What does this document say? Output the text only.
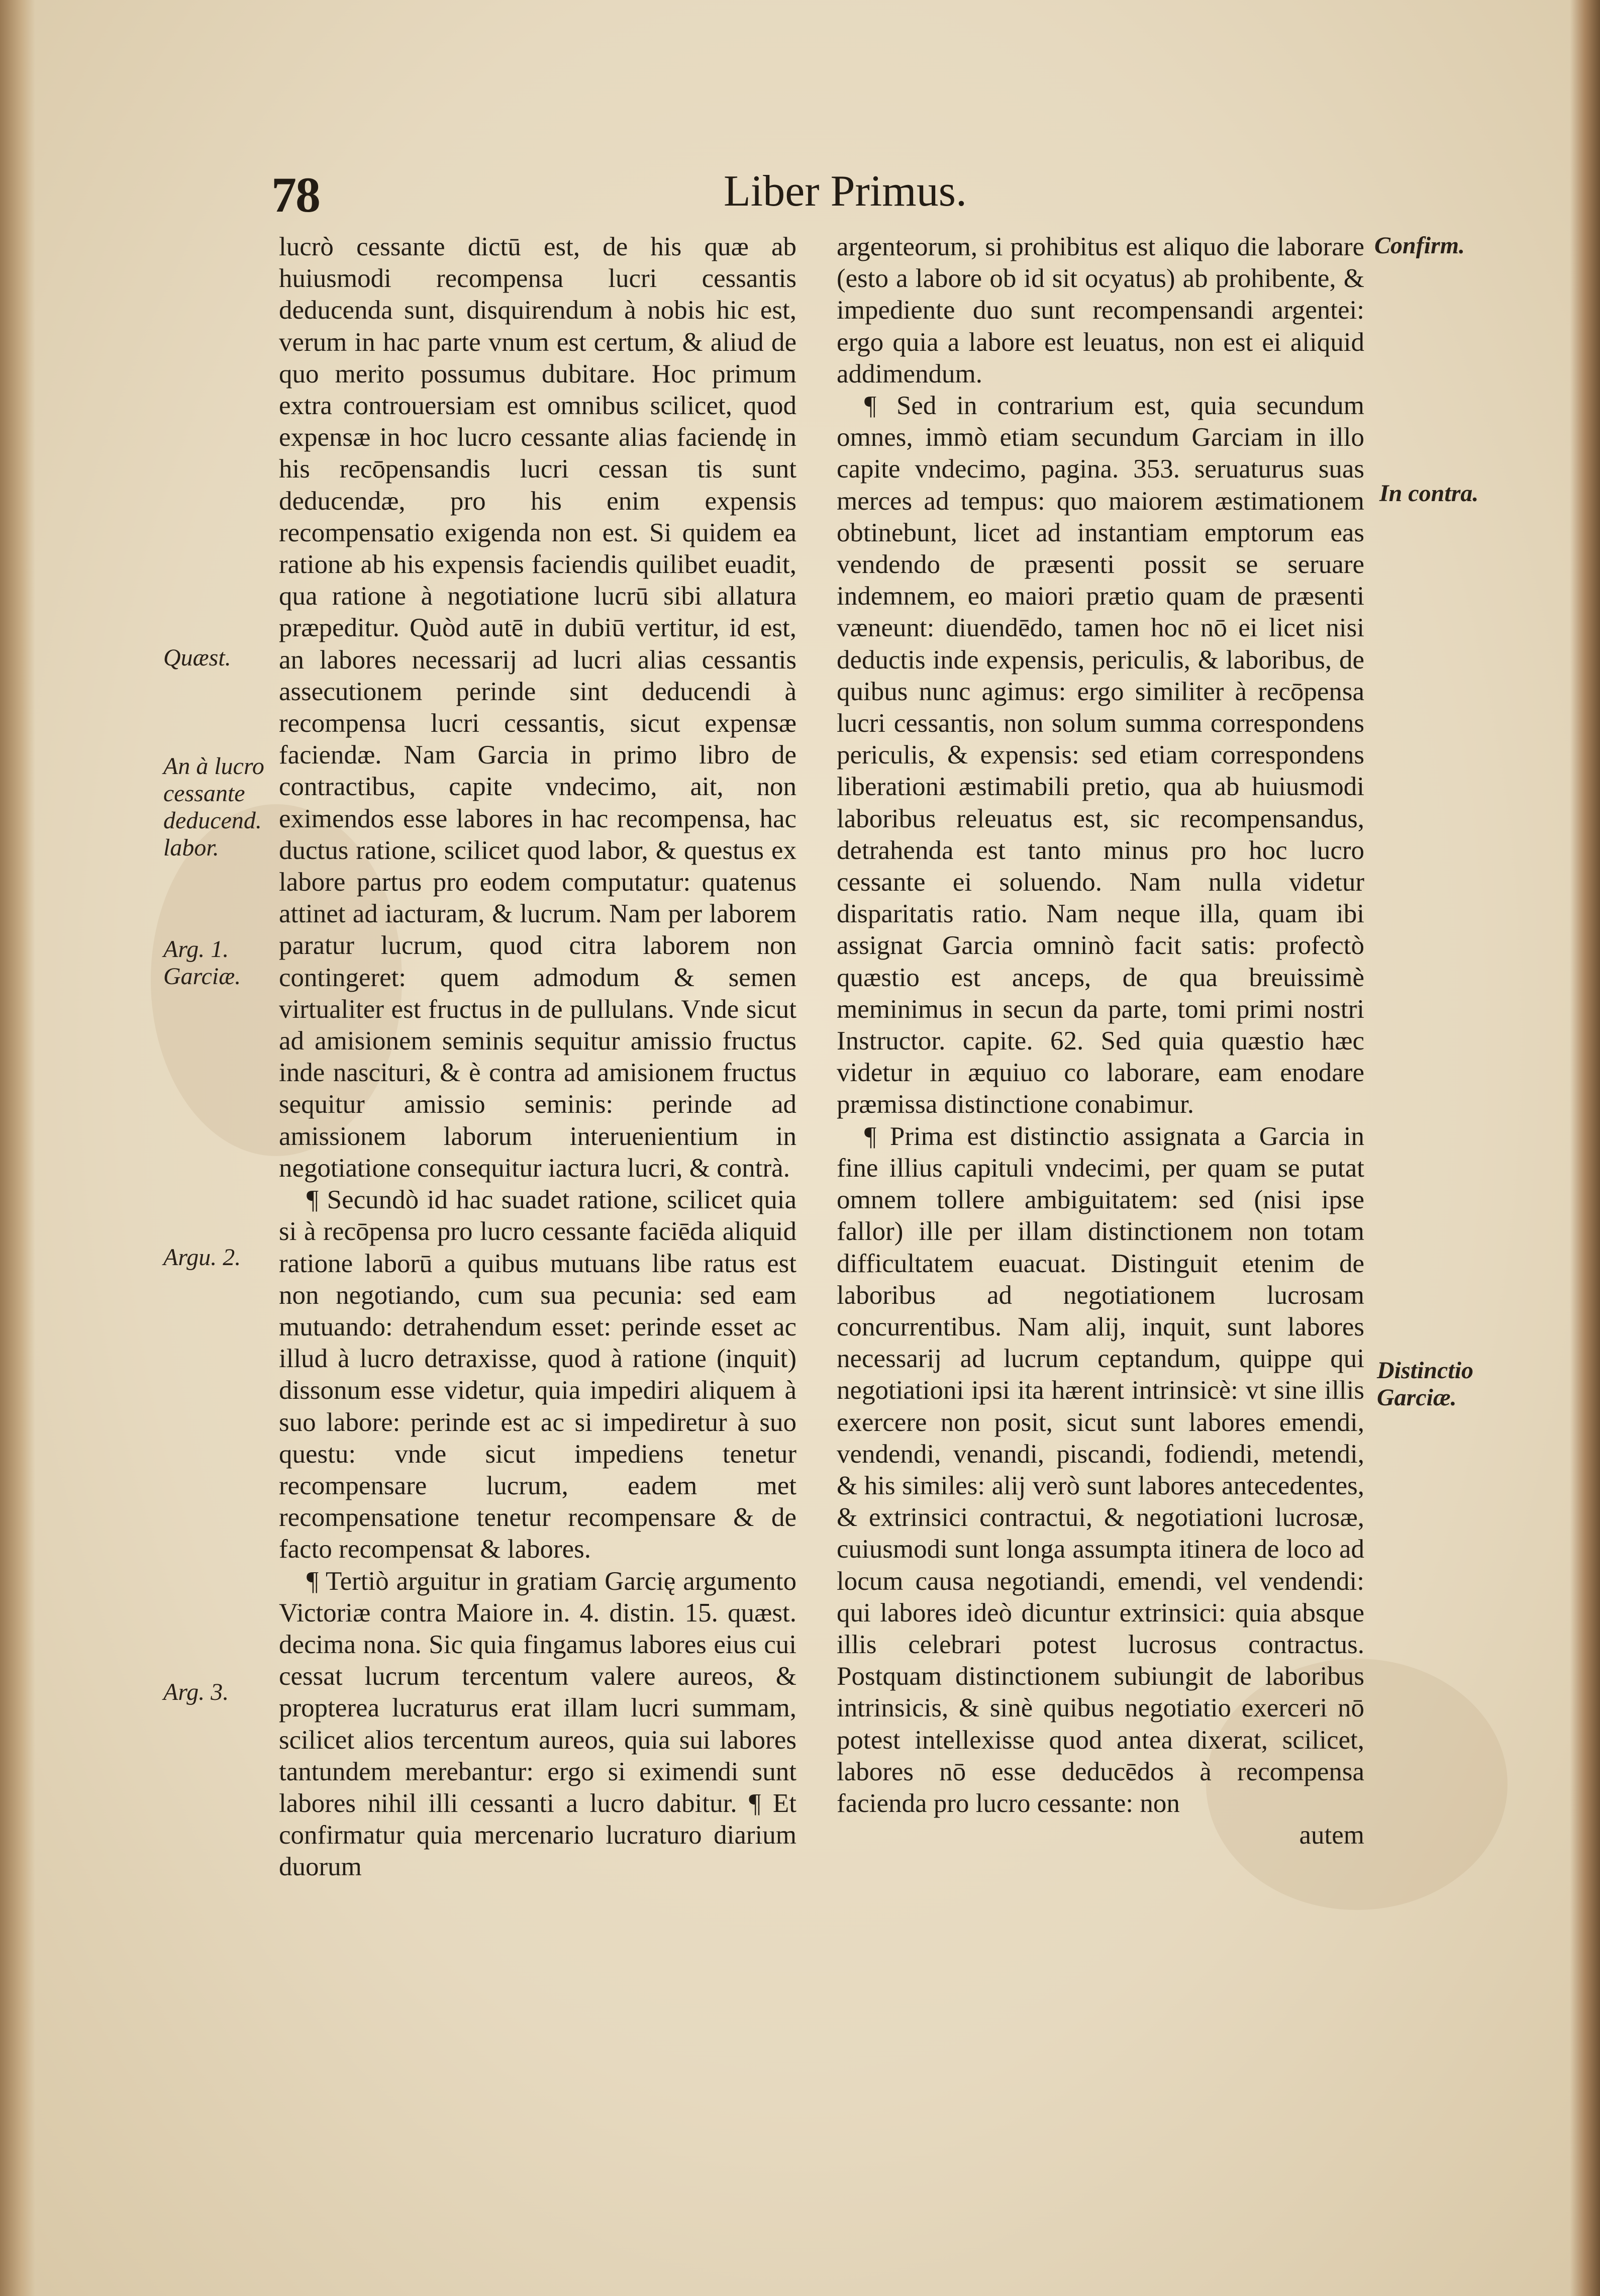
78	Liber Primus.
Quæst.
An à lucro cessante deducend. labor.
Arg. 1. Garciæ.
Argu. 2.
Arg. 3.
Confirm.
In contra.
Distinctio Garciæ.

lucrò cessante dictū est, de his quæ ab huiusmodi recompensa lucri cessantis deducenda sunt, disquirendum à nobis hic est, verum in hac parte vnum est certum, & aliud de quo merito possumus dubitare. Hoc primum extra controuersiam est omnibus scilicet, quod expensæ in hoc lucro cessante alias faciendę in his recōpensandis lucri cessan tis sunt deducendæ, pro his enim expensis recompensatio exigenda non est. Si quidem ea ratione ab his expensis faciendis quilibet euadit, qua ratione à negotiatione lucrū sibi allatura præpeditur. Quòd autē in dubiū vertitur, id est, an labores necessarij ad lucri alias cessantis assecutionem perinde sint deducendi à recompensa lucri cessantis, sicut expensæ faciendæ. Nam Garcia in primo libro de contractibus, capite vndecimo, ait, non eximendos esse labores in hac recompensa, hac ductus ratione, scilicet quod labor, & questus ex labore partus pro eodem computatur: quatenus attinet ad iacturam, & lucrum. Nam per laborem paratur lucrum, quod citra laborem non contingeret: quem admodum & semen virtualiter est fructus in de pullulans. Vnde sicut ad amisionem seminis sequitur amissio fructus inde nascituri, & è contra ad amisionem fructus sequitur amissio seminis: perinde ad amissionem laborum interuenientium in negotiatione consequitur iactura lucri, & contrà.

¶ Secundò id hac suadet ratione, scilicet quia si à recōpensa pro lucro cessante faciēda aliquid ratione laborū a quibus mutuans libe ratus est non negotiando, cum sua pecunia: sed eam mutuando: detrahendum esset: perinde esset ac illud à lucro detraxisse, quod à ratione (inquit) dissonum esse videtur, quia impediri aliquem à suo labore: perinde est ac si impediretur à suo questu: vnde sicut impediens tenetur recompensare lucrum, eadem met recompensatione tenetur recompensare & de facto recompensat & labores.

¶ Tertiò arguitur in gratiam Garcię argumento Victoriæ contra Maiore in. 4. distin. 15. quæst. decima nona. Sic quia fingamus labores eius cui cessat lucrum tercentum valere aureos, & propterea lucraturus erat illam lucri summam, scilicet alios tercentum aureos, quia sui labores tantundem merebantur: ergo si eximendi sunt labores nihil illi cessanti a lucro dabitur. ¶ Et confirmatur quia mercenario lucraturo diarium duorum

argenteorum, si prohibitus est aliquo die laborare (esto a labore ob id sit ocyatus) ab prohibente, & impediente duo sunt recompensandi argentei: ergo quia a labore est leuatus, non est ei aliquid addimendum.

¶ Sed in contrarium est, quia secundum omnes, immò etiam secundum Garciam in illo capite vndecimo, pagina. 353. seruaturus suas merces ad tempus: quo maiorem æstimationem obtinebunt, licet ad instantiam emptorum eas vendendo de præsenti possit se seruare indemnem, eo maiori prætio quam de præsenti væneunt: diuendēdo, tamen hoc nō ei licet nisi deductis inde expensis, periculis, & laboribus, de quibus nunc agimus: ergo similiter à recōpensa lucri cessantis, non solum summa correspondens periculis, & expensis: sed etiam correspondens liberationi æstimabili pretio, qua ab huiusmodi laboribus releuatus est, sic recompensandus, detrahenda est tanto minus pro hoc lucro cessante ei soluendo. Nam nulla videtur disparitatis ratio. Nam neque illa, quam ibi assignat Garcia omninò facit satis: profectò quæstio est anceps, de qua breuissimè meminimus in secun da parte, tomi primi nostri Instructor. capite. 62. Sed quia quæstio hæc videtur in æquiuo co laborare, eam enodare præmissa distinctione conabimur.

¶ Prima est distinctio assignata a Garcia in fine illius capituli vndecimi, per quam se putat omnem tollere ambiguitatem: sed (nisi ipse fallor) ille per illam distinctionem non totam difficultatem euacuat. Distinguit etenim de laboribus ad negotiationem lucrosam concurrentibus. Nam alij, inquit, sunt labores necessarij ad lucrum ceptandum, quippe qui negotiationi ipsi ita hærent intrinsicè: vt sine illis exercere non posit, sicut sunt labores emendi, vendendi, venandi, piscandi, fodiendi, metendi, & his similes: alij verò sunt labores antecedentes, & extrinsici contractui, & negotiationi lucrosæ, cuiusmodi sunt longa assumpta itinera de loco ad locum causa negotiandi, emendi, vel vendendi: qui labores ideò dicuntur extrinsici: quia absque illis celebrari potest lucrosus contractus. Postquam distinctionem subiungit de laboribus intrinsicis, & sinè quibus negotiatio exerceri nō potest intellexisse quod antea dixerat, scilicet, labores nō esse deducēdos à recompensa facienda pro lucro cessante: non

autem
